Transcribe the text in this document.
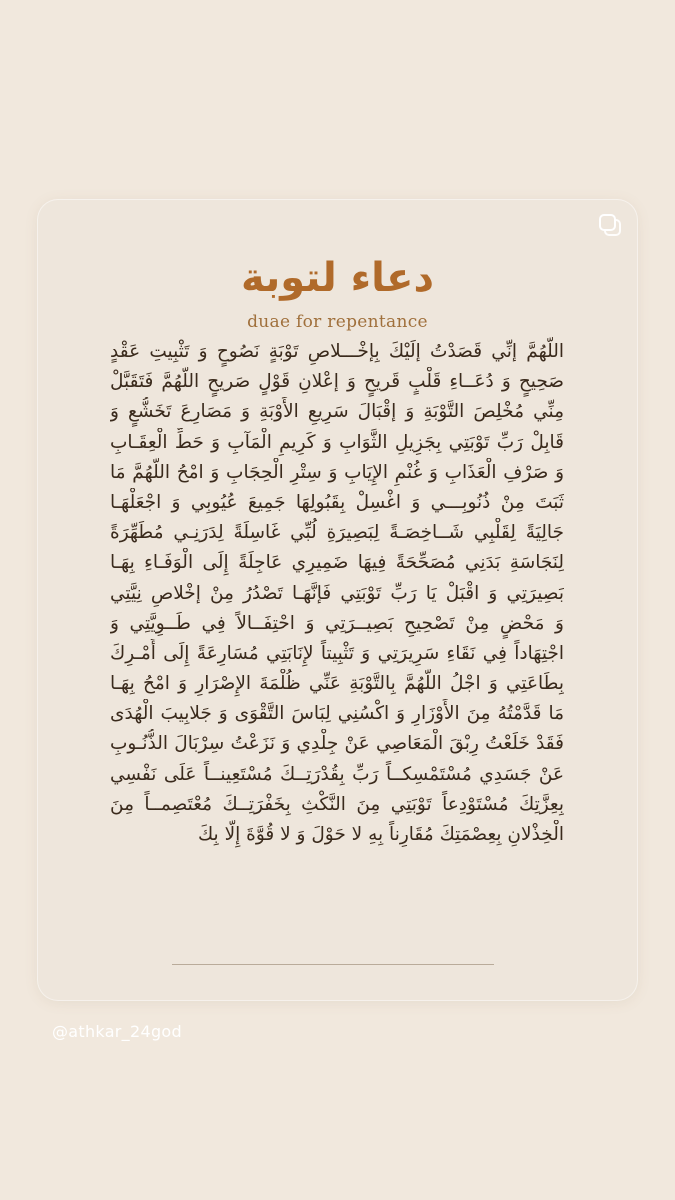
دعاء لتوبة
duae for repentance
اللّهُمَّ إنِّي قَصَدْتُ إلَيْكَ بِإخْـــلاصِ تَوْبَةٍ نَصُوحٍ وَ تَثْبِيتِ عَقْدٍ
صَحِيحٍ وَ دُعَــاءِ قَلْبٍ قَريحٍ وَ إعْلانِ قَوْلٍ صَريحٍ اللَّهُمَّ فَتَقَبَّلْ
مِنِّي مُخْلِصَ التَّوْبَةِ وَ إقْبَالَ سَرِيعِ الأَوْبَةِ وَ مَصَارِعَ تَخَشُّعٍ وَ
قَابِلْ رَبِّ تَوْبَتِي بِجَزِيلِ الثَّوَابِ وَ كَرِيمِ الْمَآبِ وَ حَطِّ الْعِقَـابِ
وَ صَرْفِ الْعَذَابِ وَ غُنْمِ الإِيَابِ وَ سِتْرِ الْحِجَابِ وَ امْحُ اللَّهُمَّ مَا
ثَبَتَ مِنْ ذُنُوبِـــي وَ اغْسِلْ بِقَبُولِهَا جَمِيعَ عُيُوبِي وَ اجْعَلْهَـا
جَالِيَةً لِقَلْبِي شَــاخِصَـةً لِبَصِيرَةِ لُبِّي غَاسِلَةً لِدَرَنِـي مُطَهِّرَةً
لِنَجَاسَةِ بَدَنِي مُصَحِّحَةً فِيهَا ضَمِيرِي عَاجِلَةً إِلَى الْوَفَـاءِ بِهَـا
بَصِيرَتِي وَ اقْبَلْ يَا رَبِّ تَوْبَتِي فَإنَّهَـا تَصْدُرُ مِنْ إخْلاصِ نِيَّتِي
وَ مَحْضٍ مِنْ تَصْحِيحِ بَصِيــرَتِي وَ احْتِفَــالاً فِي طَــوِيَّتِي وَ
اجْتِهَاداً فِي نَقَاءِ سَرِيرَتِي وَ تَثْبِيتاً لإِنَابَتِي مُسَارِعَةً إِلَى أَمْـرِكَ
بِطَاعَتِي وَ اجْلُ اللَّهُمَّ بِالتَّوْبَةِ عَنِّي ظُلْمَةَ الإِصْرَارِ وَ امْحُ بِهَـا
مَا قَدَّمْتُهُ مِنَ الأَوْزَارِ وَ اكْسُنِي لِبَاسَ التَّقْوَى وَ جَلابِيبَ الْهُدَى
فَقَدْ خَلَعْتُ رِبْقَ الْمَعَاصِي عَنْ جِلْدِي وَ نَزَعْتُ سِرْبَالَ الذُّنُـوبِ
عَنْ جَسَدِي مُسْتَمْسِكــاً رَبِّ بِقُدْرَتِــكَ مُسْتَعِينــاً عَلَى نَفْسِي
بِعِزَّتِكَ مُسْتَوْدِعاً تَوْبَتِي مِنَ النَّكْثِ بِخَفْرَتِــكَ مُعْتَصِمــاً مِنَ
الْخِذْلانِ بِعِصْمَتِكَ مُقَارِناً بِهِ لا حَوْلَ وَ لا قُوَّةَ إِلَّا بِكَ
@athkar_24god
